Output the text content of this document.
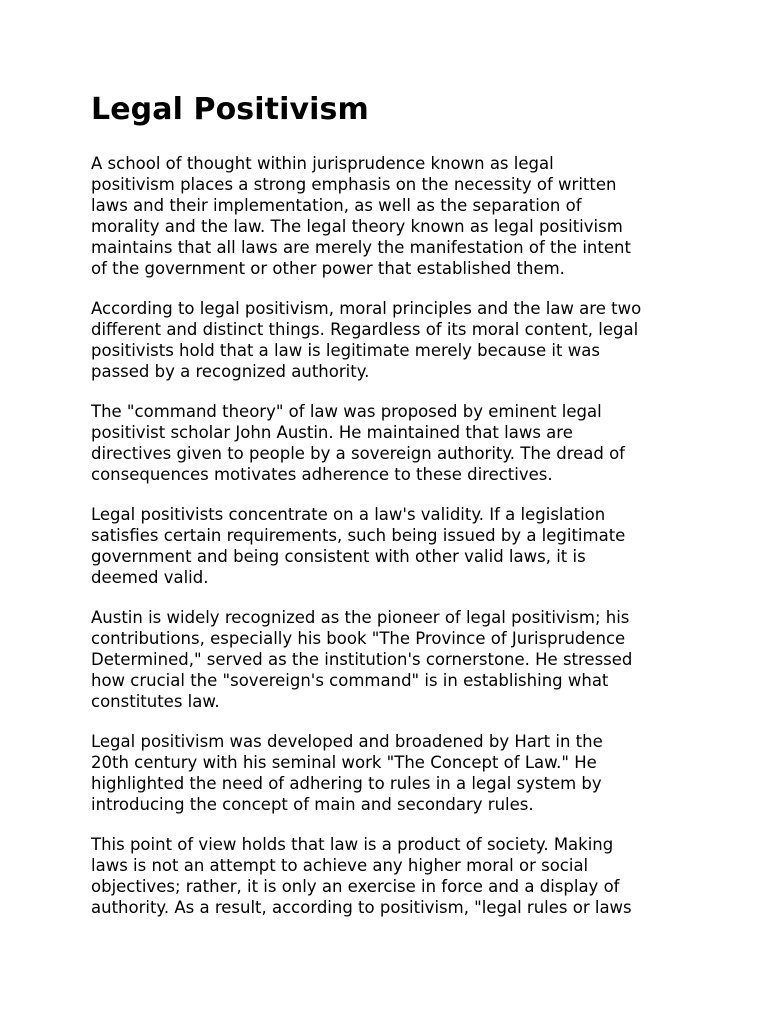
Legal Positivism

A school of thought within jurisprudence known as legal
positivism places a strong emphasis on the necessity of written
laws and their implementation, as well as the separation of
morality and the law. The legal theory known as legal positivism
maintains that all laws are merely the manifestation of the intent
of the government or other power that established them.

According to legal positivism, moral principles and the law are two
different and distinct things. Regardless of its moral content, legal
positivists hold that a law is legitimate merely because it was
passed by a recognized authority.

The "command theory" of law was proposed by eminent legal
positivist scholar John Austin. He maintained that laws are
directives given to people by a sovereign authority. The dread of
consequences motivates adherence to these directives.

Legal positivists concentrate on a law's validity. If a legislation
satisfies certain requirements, such being issued by a legitimate
government and being consistent with other valid laws, it is
deemed valid.

Austin is widely recognized as the pioneer of legal positivism; his
contributions, especially his book "The Province of Jurisprudence
Determined," served as the institution's cornerstone. He stressed
how crucial the "sovereign's command" is in establishing what
constitutes law.

Legal positivism was developed and broadened by Hart in the
20th century with his seminal work "The Concept of Law." He
highlighted the need of adhering to rules in a legal system by
introducing the concept of main and secondary rules.

This point of view holds that law is a product of society. Making
laws is not an attempt to achieve any higher moral or social
objectives; rather, it is only an exercise in force and a display of
authority. As a result, according to positivism, "legal rules or laws
